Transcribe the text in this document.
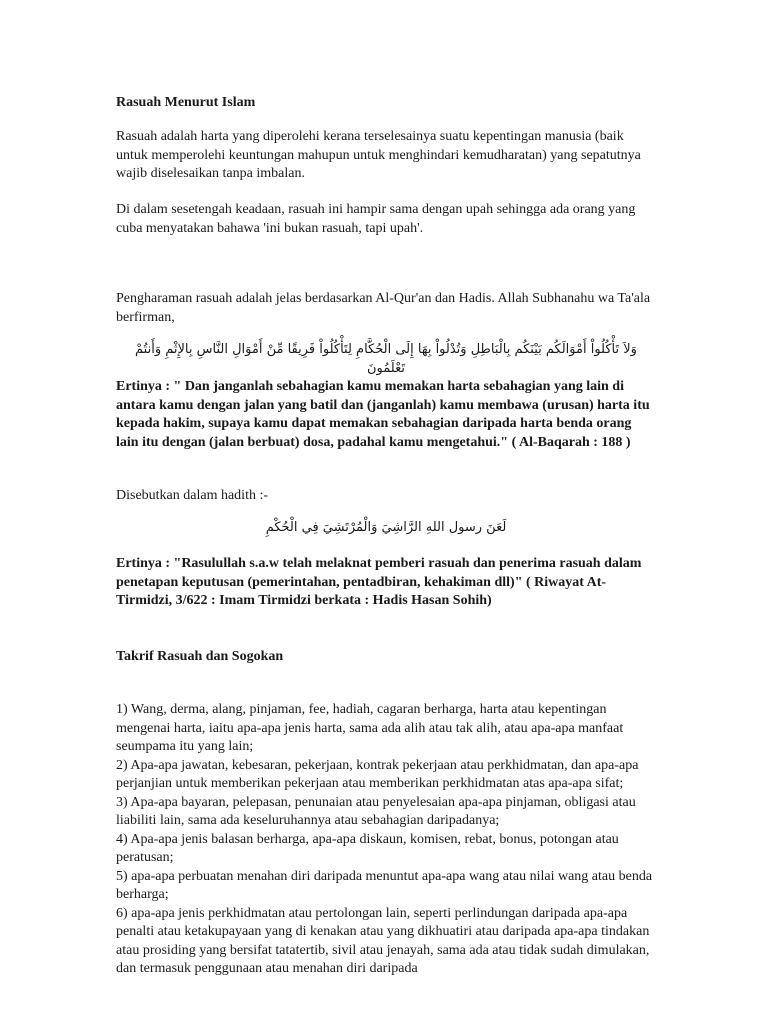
Rasuah Menurut Islam
Rasuah adalah harta yang diperolehi kerana terselesainya suatu kepentingan manusia (baik untuk memperolehi keuntungan mahupun untuk menghindari kemudharatan) yang sepatutnya wajib diselesaikan tanpa imbalan.
Di dalam sesetengah keadaan, rasuah ini hampir sama dengan upah sehingga ada orang yang cuba menyatakan bahawa 'ini bukan rasuah, tapi upah'.
Pengharaman rasuah adalah jelas berdasarkan Al-Qur'an dan Hadis. Allah Subhanahu wa Ta'ala berfirman,
وَلاَ تَأْكُلُواْ أَمْوَالَكُم بَيْنَكُم بِالْبَاطِلِ وَتُدْلُواْ بِهَا إِلَى الْحُكَّامِ لِتَأْكُلُواْ فَرِيقًا مِّنْ أَمْوَالِ النَّاسِ بِالإِثْمِ وَأَنتُمْ تَعْلَمُونَ
Ertinya : " Dan janganlah sebahagian kamu memakan harta sebahagian yang lain di antara kamu dengan jalan yang batil dan (janganlah) kamu membawa (urusan) harta itu kepada hakim, supaya kamu dapat memakan sebahagian daripada harta benda orang lain itu dengan (jalan berbuat) dosa, padahal kamu mengetahui." ( Al-Baqarah : 188 )
Disebutkan dalam hadith :-
لَعَنَ رسول اللهِ الرَّاشِيَ وَالْمُرْتَشِيَ فِي الْحُكْمِ
Ertinya : "Rasulullah s.a.w telah melaknat pemberi rasuah dan penerima rasuah dalam penetapan keputusan (pemerintahan, pentadbiran, kehakiman dll)" ( Riwayat At-Tirmidzi, 3/622 : Imam Tirmidzi berkata : Hadis Hasan Sohih)
Takrif Rasuah dan Sogokan
1) Wang, derma, alang, pinjaman, fee, hadiah, cagaran berharga, harta atau kepentingan mengenai harta, iaitu apa-apa jenis harta, sama ada alih atau tak alih, atau apa-apa manfaat seumpama itu yang lain;
2) Apa-apa jawatan, kebesaran, pekerjaan, kontrak pekerjaan atau perkhidmatan, dan apa-apa perjanjian untuk memberikan pekerjaan atau memberikan perkhidmatan atas apa-apa sifat;
3) Apa-apa bayaran, pelepasan, penunaian atau penyelesaian apa-apa pinjaman, obligasi atau liabiliti lain, sama ada keseluruhannya atau sebahagian daripadanya;
4) Apa-apa jenis balasan berharga, apa-apa diskaun, komisen, rebat, bonus, potongan atau peratusan;
5) apa-apa perbuatan menahan diri daripada menuntut apa-apa wang atau nilai wang atau benda berharga;
6) apa-apa jenis perkhidmatan atau pertolongan lain, seperti perlindungan daripada apa-apa penalti atau ketakupayaan yang di kenakan atau yang dikhuatiri atau daripada apa-apa tindakan atau prosiding yang bersifat tatatertib, sivil atau jenayah, sama ada atau tidak sudah dimulakan, dan termasuk penggunaan atau menahan diri daripada
